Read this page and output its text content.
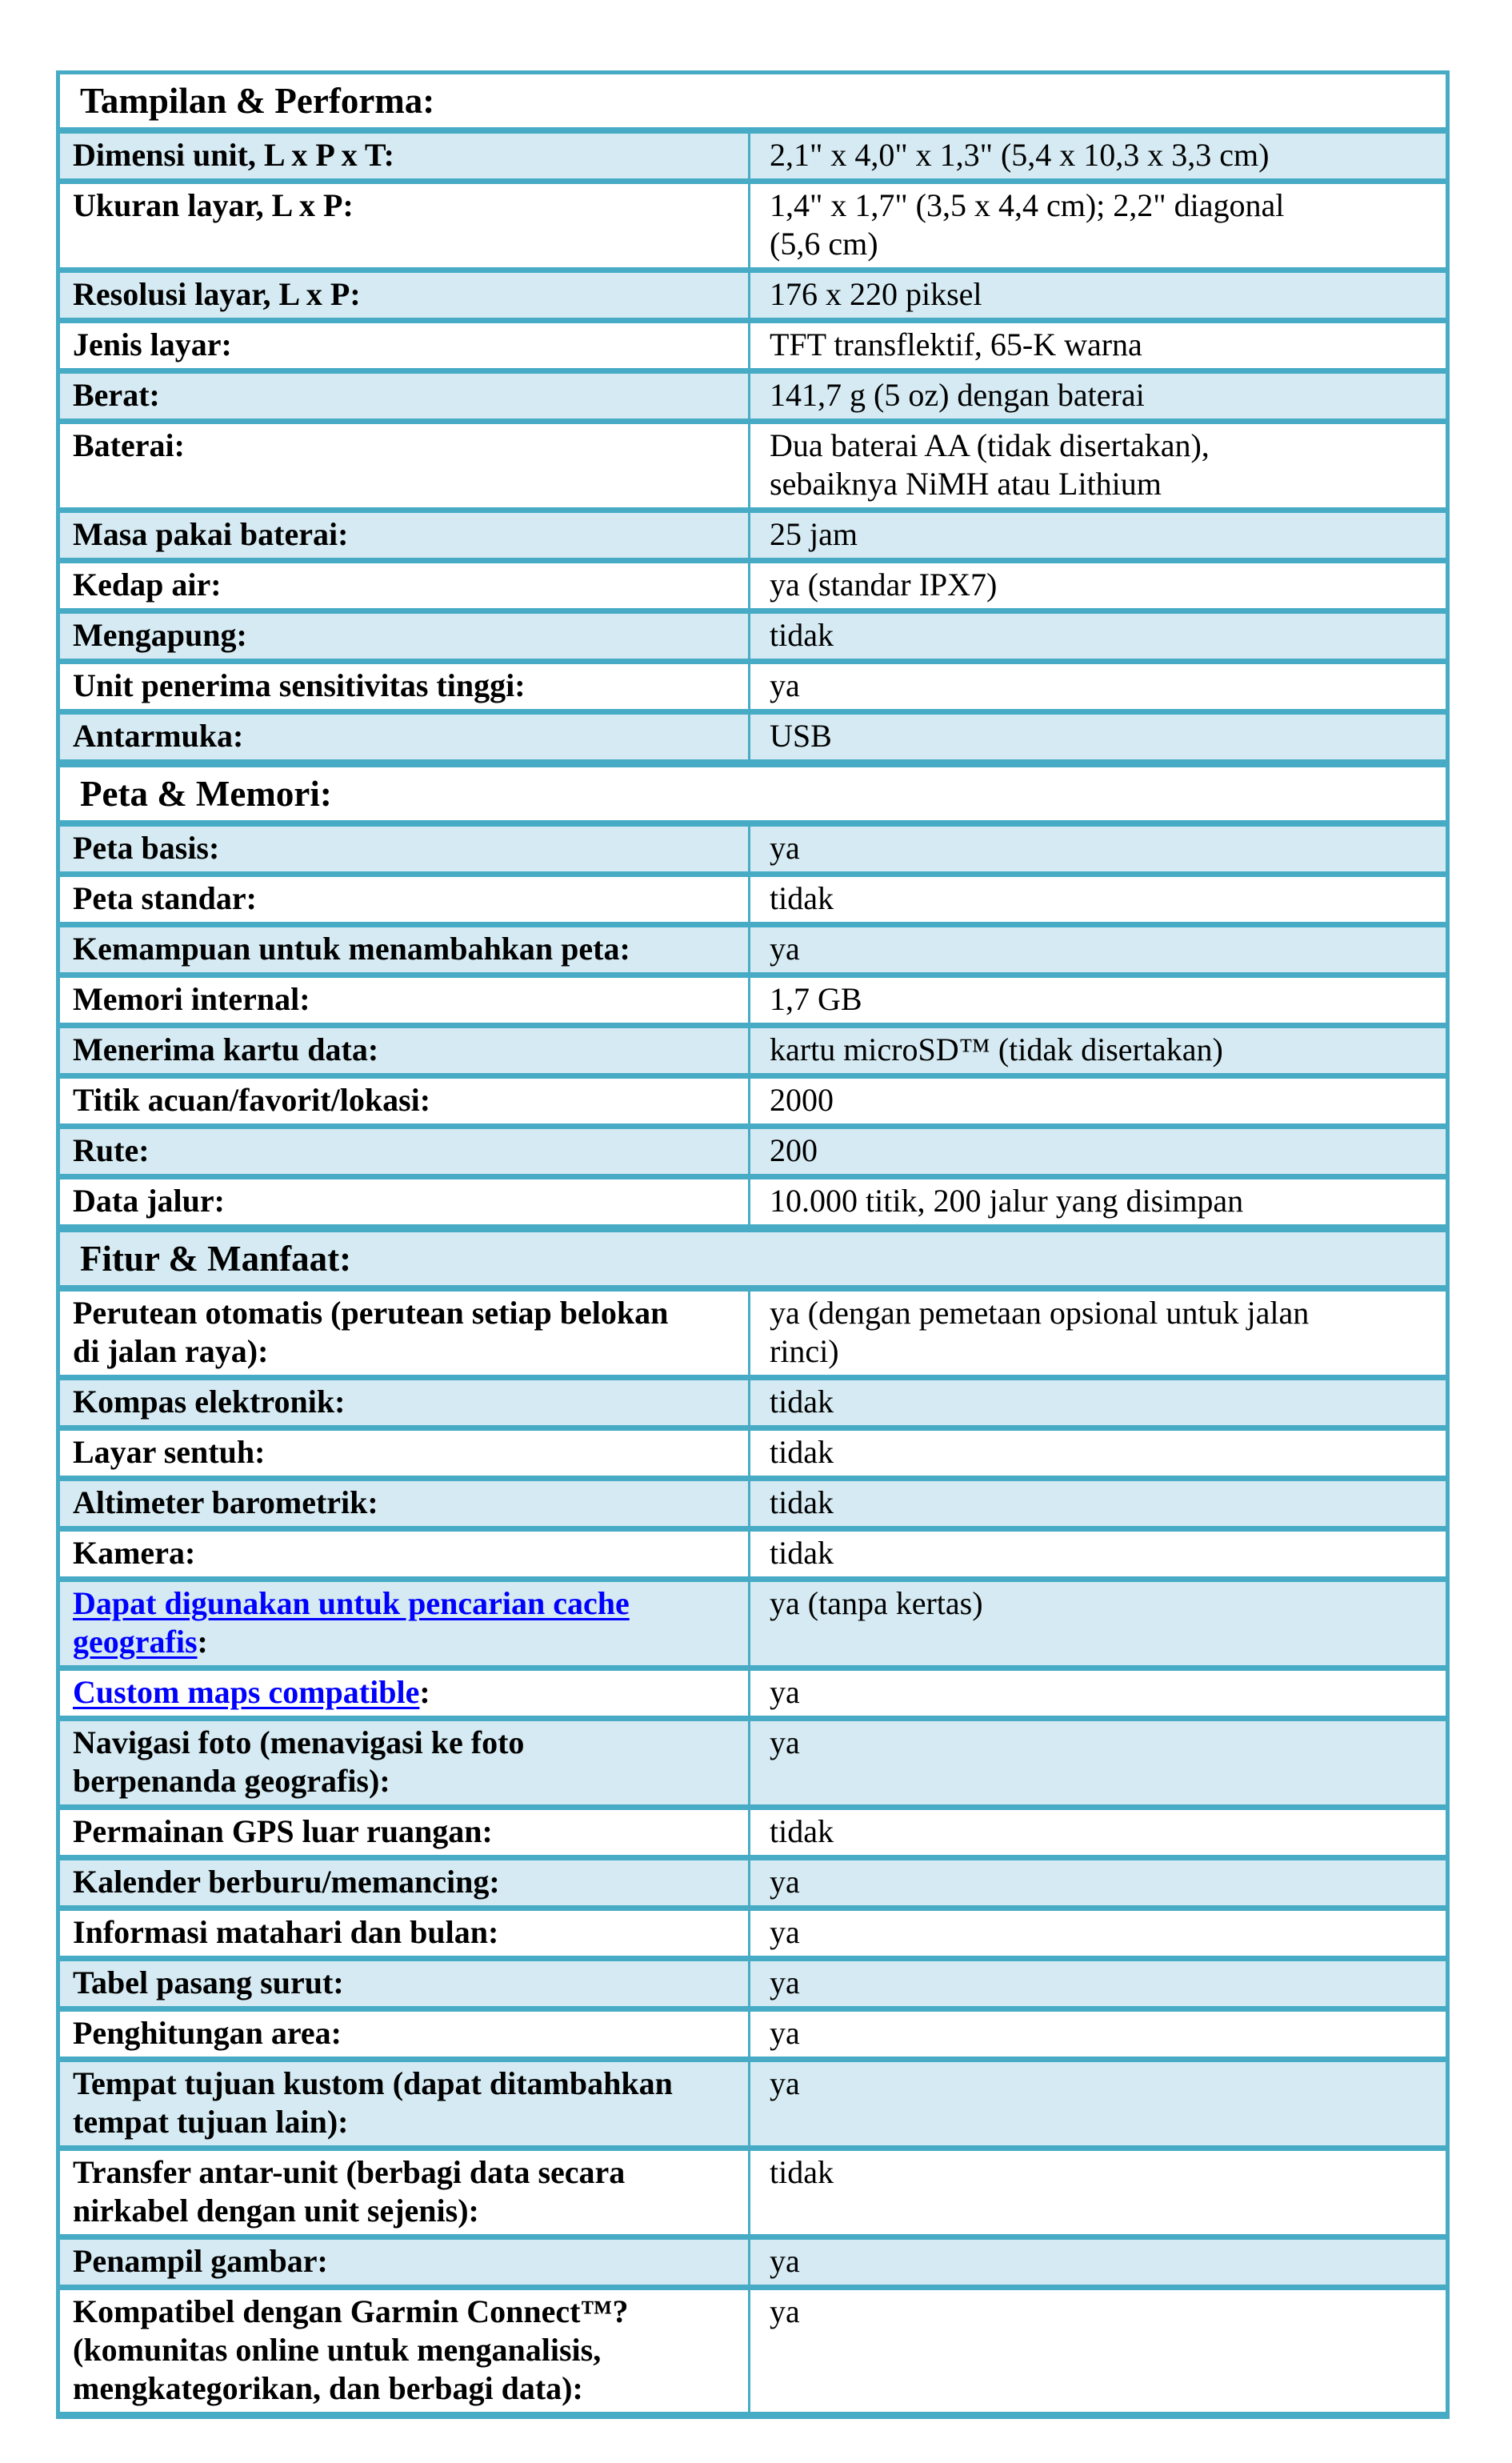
Tampilan & Performa:
Dimensi unit, L x P x T:	2,1" x 4,0" x 1,3" (5,4 x 10,3 x 3,3 cm)
Ukuran layar, L x P:	1,4" x 1,7" (3,5 x 4,4 cm); 2,2" diagonal (5,6 cm)
Resolusi layar, L x P:	176 x 220 piksel
Jenis layar:	TFT transflektif, 65-K warna
Berat:	141,7 g (5 oz) dengan baterai
Baterai:	Dua baterai AA (tidak disertakan), sebaiknya NiMH atau Lithium
Masa pakai baterai:	25 jam
Kedap air:	ya (standar IPX7)
Mengapung:	tidak
Unit penerima sensitivitas tinggi:	ya
Antarmuka:	USB
Peta & Memori:
Peta basis:	ya
Peta standar:	tidak
Kemampuan untuk menambahkan peta:	ya
Memori internal:	1,7 GB
Menerima kartu data:	kartu microSD™ (tidak disertakan)
Titik acuan/favorit/lokasi:	2000
Rute:	200
Data jalur:	10.000 titik, 200 jalur yang disimpan
Fitur & Manfaat:
Perutean otomatis (perutean setiap belokan di jalan raya):
ya (dengan pemetaan opsional untuk jalan rinci)
Kompas elektronik:	tidak
Layar sentuh:	tidak
Altimeter barometrik:	tidak
Kamera:	tidak
Dapat digunakan untuk pencarian cache geografis:
ya (tanpa kertas)
Custom maps compatible:	ya
Navigasi foto (menavigasi ke foto berpenanda geografis):
ya
Permainan GPS luar ruangan:	tidak
Kalender berburu/memancing:	ya
Informasi matahari dan bulan:	ya
Tabel pasang surut:	ya
Penghitungan area:	ya
Tempat tujuan kustom (dapat ditambahkan tempat tujuan lain):
ya
Transfer antar-unit (berbagi data secara nirkabel dengan unit sejenis):
tidak
Penampil gambar:	ya
Kompatibel dengan Garmin Connect™?(komunitas online untuk menganalisis, mengkategorikan, dan berbagi data):
ya
